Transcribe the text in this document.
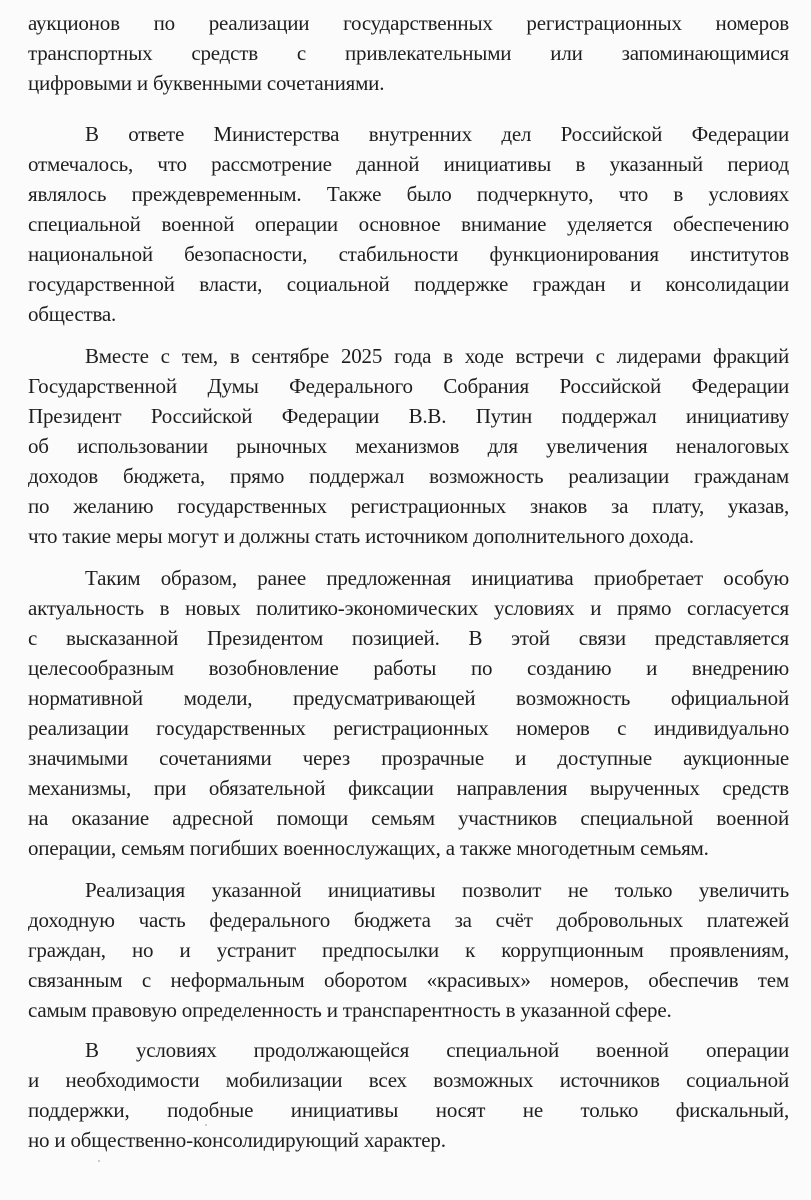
аукционов по реализации государственных регистрационных номеров
транспортных средств с привлекательными или запоминающимися
цифровыми и буквенными сочетаниями.
В ответе Министерства внутренних дел Российской Федерации
отмечалось, что рассмотрение данной инициативы в указанный период
являлось преждевременным. Также было подчеркнуто, что в условиях
специальной военной операции основное внимание уделяется обеспечению
национальной безопасности, стабильности функционирования институтов
государственной власти, социальной поддержке граждан и консолидации
общества.
Вместе с тем, в сентябре 2025 года в ходе встречи с лидерами фракций
Государственной Думы Федерального Собрания Российской Федерации
Президент Российской Федерации В.В. Путин поддержал инициативу
об использовании рыночных механизмов для увеличения неналоговых
доходов бюджета, прямо поддержал возможность реализации гражданам
по желанию государственных регистрационных знаков за плату, указав,
что такие меры могут и должны стать источником дополнительного дохода.
Таким образом, ранее предложенная инициатива приобретает особую
актуальность в новых политико-экономических условиях и прямо согласуется
с высказанной Президентом позицией. В этой связи представляется
целесообразным возобновление работы по созданию и внедрению
нормативной модели, предусматривающей возможность официальной
реализации государственных регистрационных номеров с индивидуально
значимыми сочетаниями через прозрачные и доступные аукционные
механизмы, при обязательной фиксации направления вырученных средств
на оказание адресной помощи семьям участников специальной военной
операции, семьям погибших военнослужащих, а также многодетным семьям.
Реализация указанной инициативы позволит не только увеличить
доходную часть федерального бюджета за счёт добровольных платежей
граждан, но и устранит предпосылки к коррупционным проявлениям,
связанным с неформальным оборотом «красивых» номеров, обеспечив тем
самым правовую определенность и транспарентность в указанной сфере.
В условиях продолжающейся специальной военной операции
и необходимости мобилизации всех возможных источников социальной
поддержки, подобные инициативы носят не только фискальный,
но и общественно-консолидирующий характер.
